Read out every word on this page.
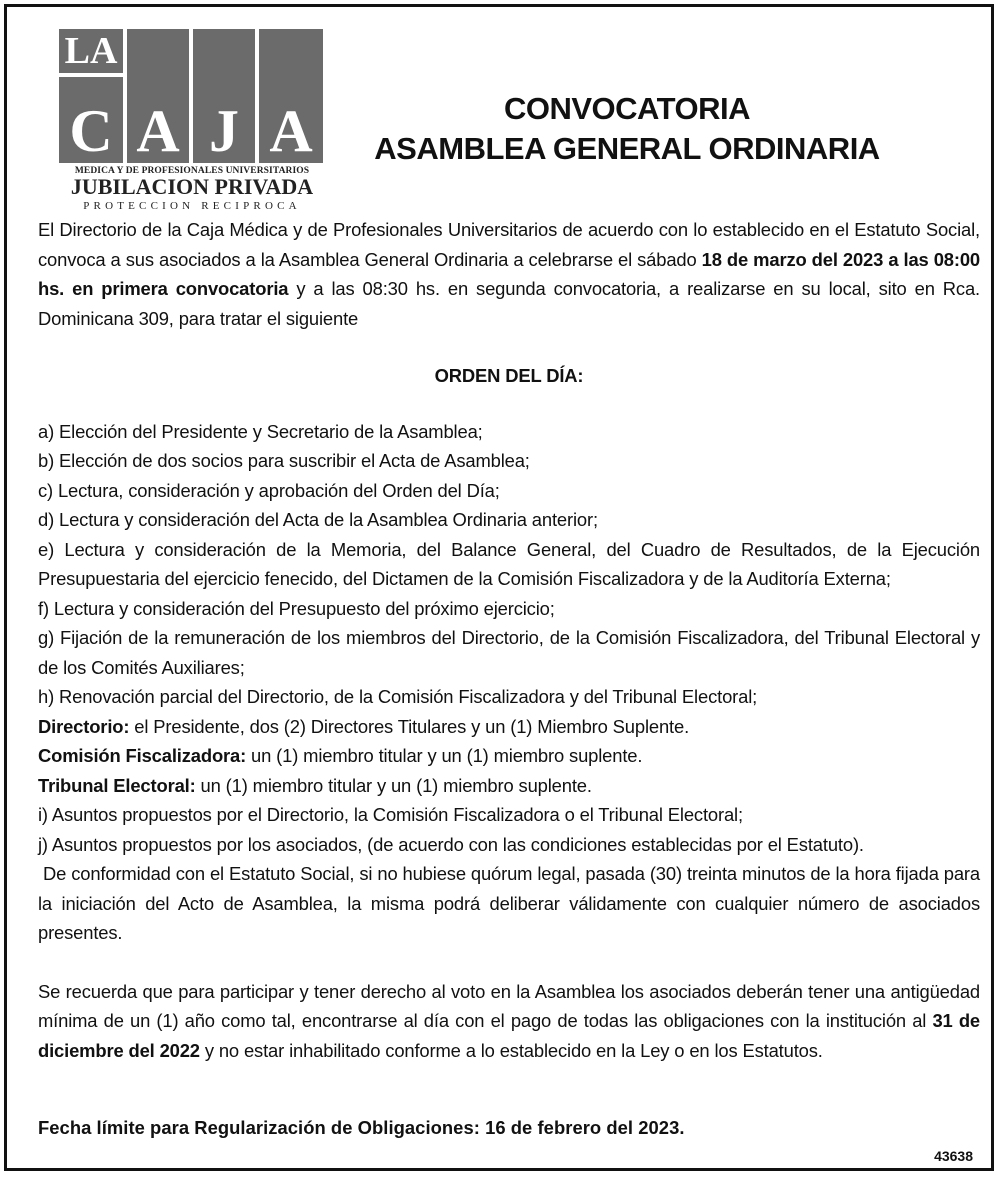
LA
C A J A
MEDICA Y DE PROFESIONALES UNIVERSITARIOS
JUBILACION PRIVADA
PROTECCION RECIPROCA
CONVOCATORIA
ASAMBLEA GENERAL ORDINARIA

El Directorio de la Caja Médica y de Profesionales Universitarios de acuerdo con lo establecido en el Estatuto Social, convoca a sus asociados a la Asamblea General Ordinaria a celebrarse el sábado 18 de marzo del 2023 a las 08:00 hs. en primera convocatoria y a las 08:30 hs. en segunda convocatoria, a realizarse en su local, sito en Rca. Dominicana 309, para tratar el siguiente

ORDEN DEL DÍA:

a) Elección del Presidente y Secretario de la Asamblea;

b) Elección de dos socios para suscribir el Acta de Asamblea;

c) Lectura, consideración y aprobación del Orden del Día;

d) Lectura y consideración del Acta de la Asamblea Ordinaria anterior;

e) Lectura y consideración de la Memoria, del Balance General, del Cuadro de Resultados, de la Ejecución Presupuestaria del ejercicio fenecido, del Dictamen de la Comisión Fiscalizadora y de la Auditoría Externa;

f) Lectura y consideración del Presupuesto del próximo ejercicio;

g) Fijación de la remuneración de los miembros del Directorio, de la Comisión Fiscalizadora, del Tribunal Electoral y de los Comités Auxiliares;

h) Renovación parcial del Directorio, de la Comisión Fiscalizadora y del Tribunal Electoral;

Directorio: el Presidente, dos (2) Directores Titulares y un (1) Miembro Suplente.

Comisión Fiscalizadora: un (1) miembro titular y un (1) miembro suplente.

Tribunal Electoral: un (1) miembro titular y un (1) miembro suplente.

i) Asuntos propuestos por el Directorio, la Comisión Fiscalizadora o el Tribunal Electoral;

j) Asuntos propuestos por los asociados, (de acuerdo con las condiciones establecidas por el Estatuto).

De conformidad con el Estatuto Social, si no hubiese quórum legal, pasada (30) treinta minutos de la hora fijada para la iniciación del Acto de Asamblea, la misma podrá deliberar válidamente con cualquier número de asociados presentes.

Se recuerda que para participar y tener derecho al voto en la Asamblea los asociados deberán tener una antigüedad mínima de un (1) año como tal, encontrarse al día con el pago de todas las obligaciones con la institución al 31 de diciembre del 2022 y no estar inhabilitado conforme a lo establecido en la Ley o en los Estatutos.

Fecha límite para Regularización de Obligaciones: 16 de febrero del 2023.
43638
